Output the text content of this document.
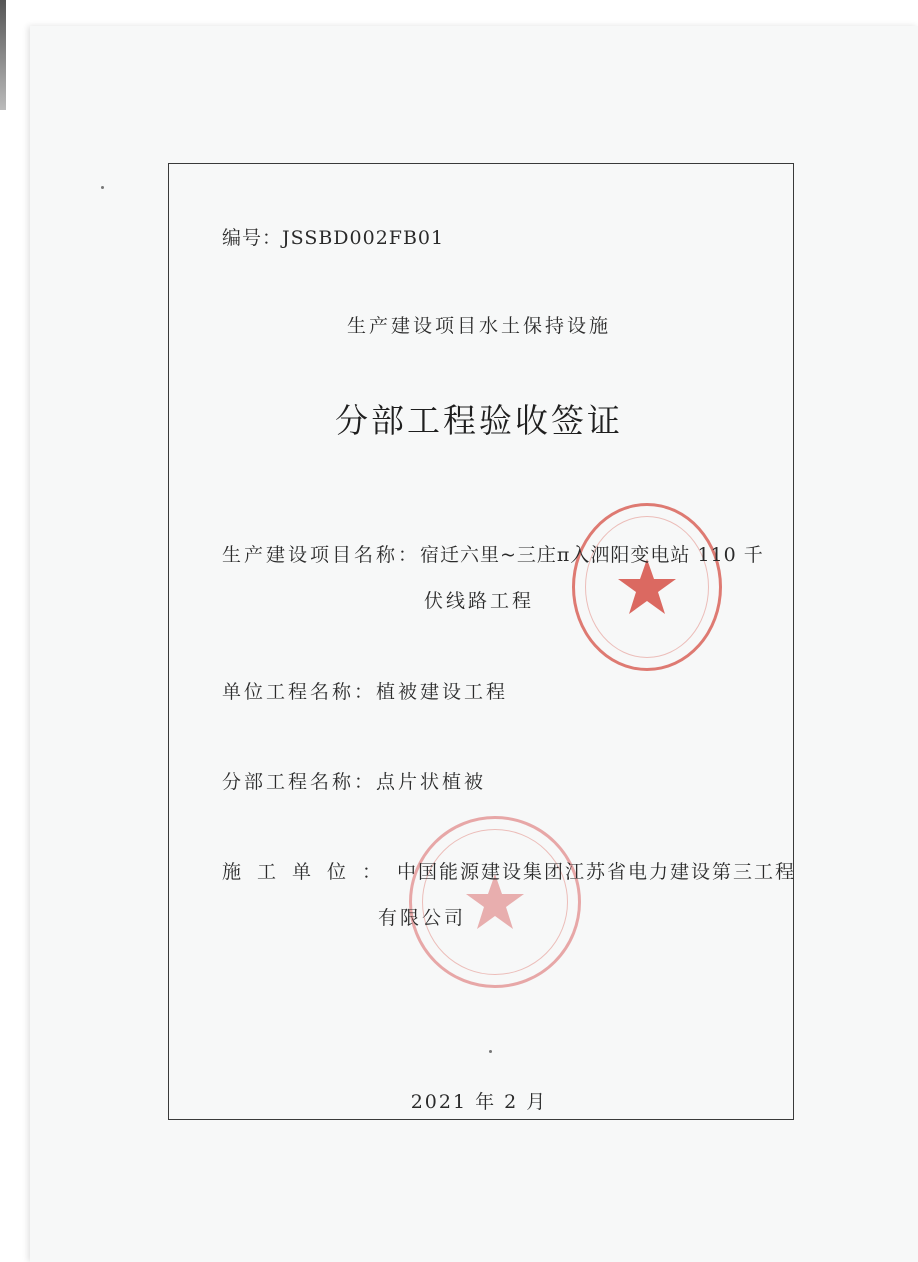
编号：JSSBD002FB01
生产建设项目水土保持设施
分部工程验收签证
生产建设项目名称：宿迁六里~三庄π入泗阳变电站 110 千
伏线路工程
单位工程名称：植被建设工程
分部工程名称：点片状植被
施工单位：中国能源建设集团江苏省电力建设第三工程
有限公司
2021 年 2 月
